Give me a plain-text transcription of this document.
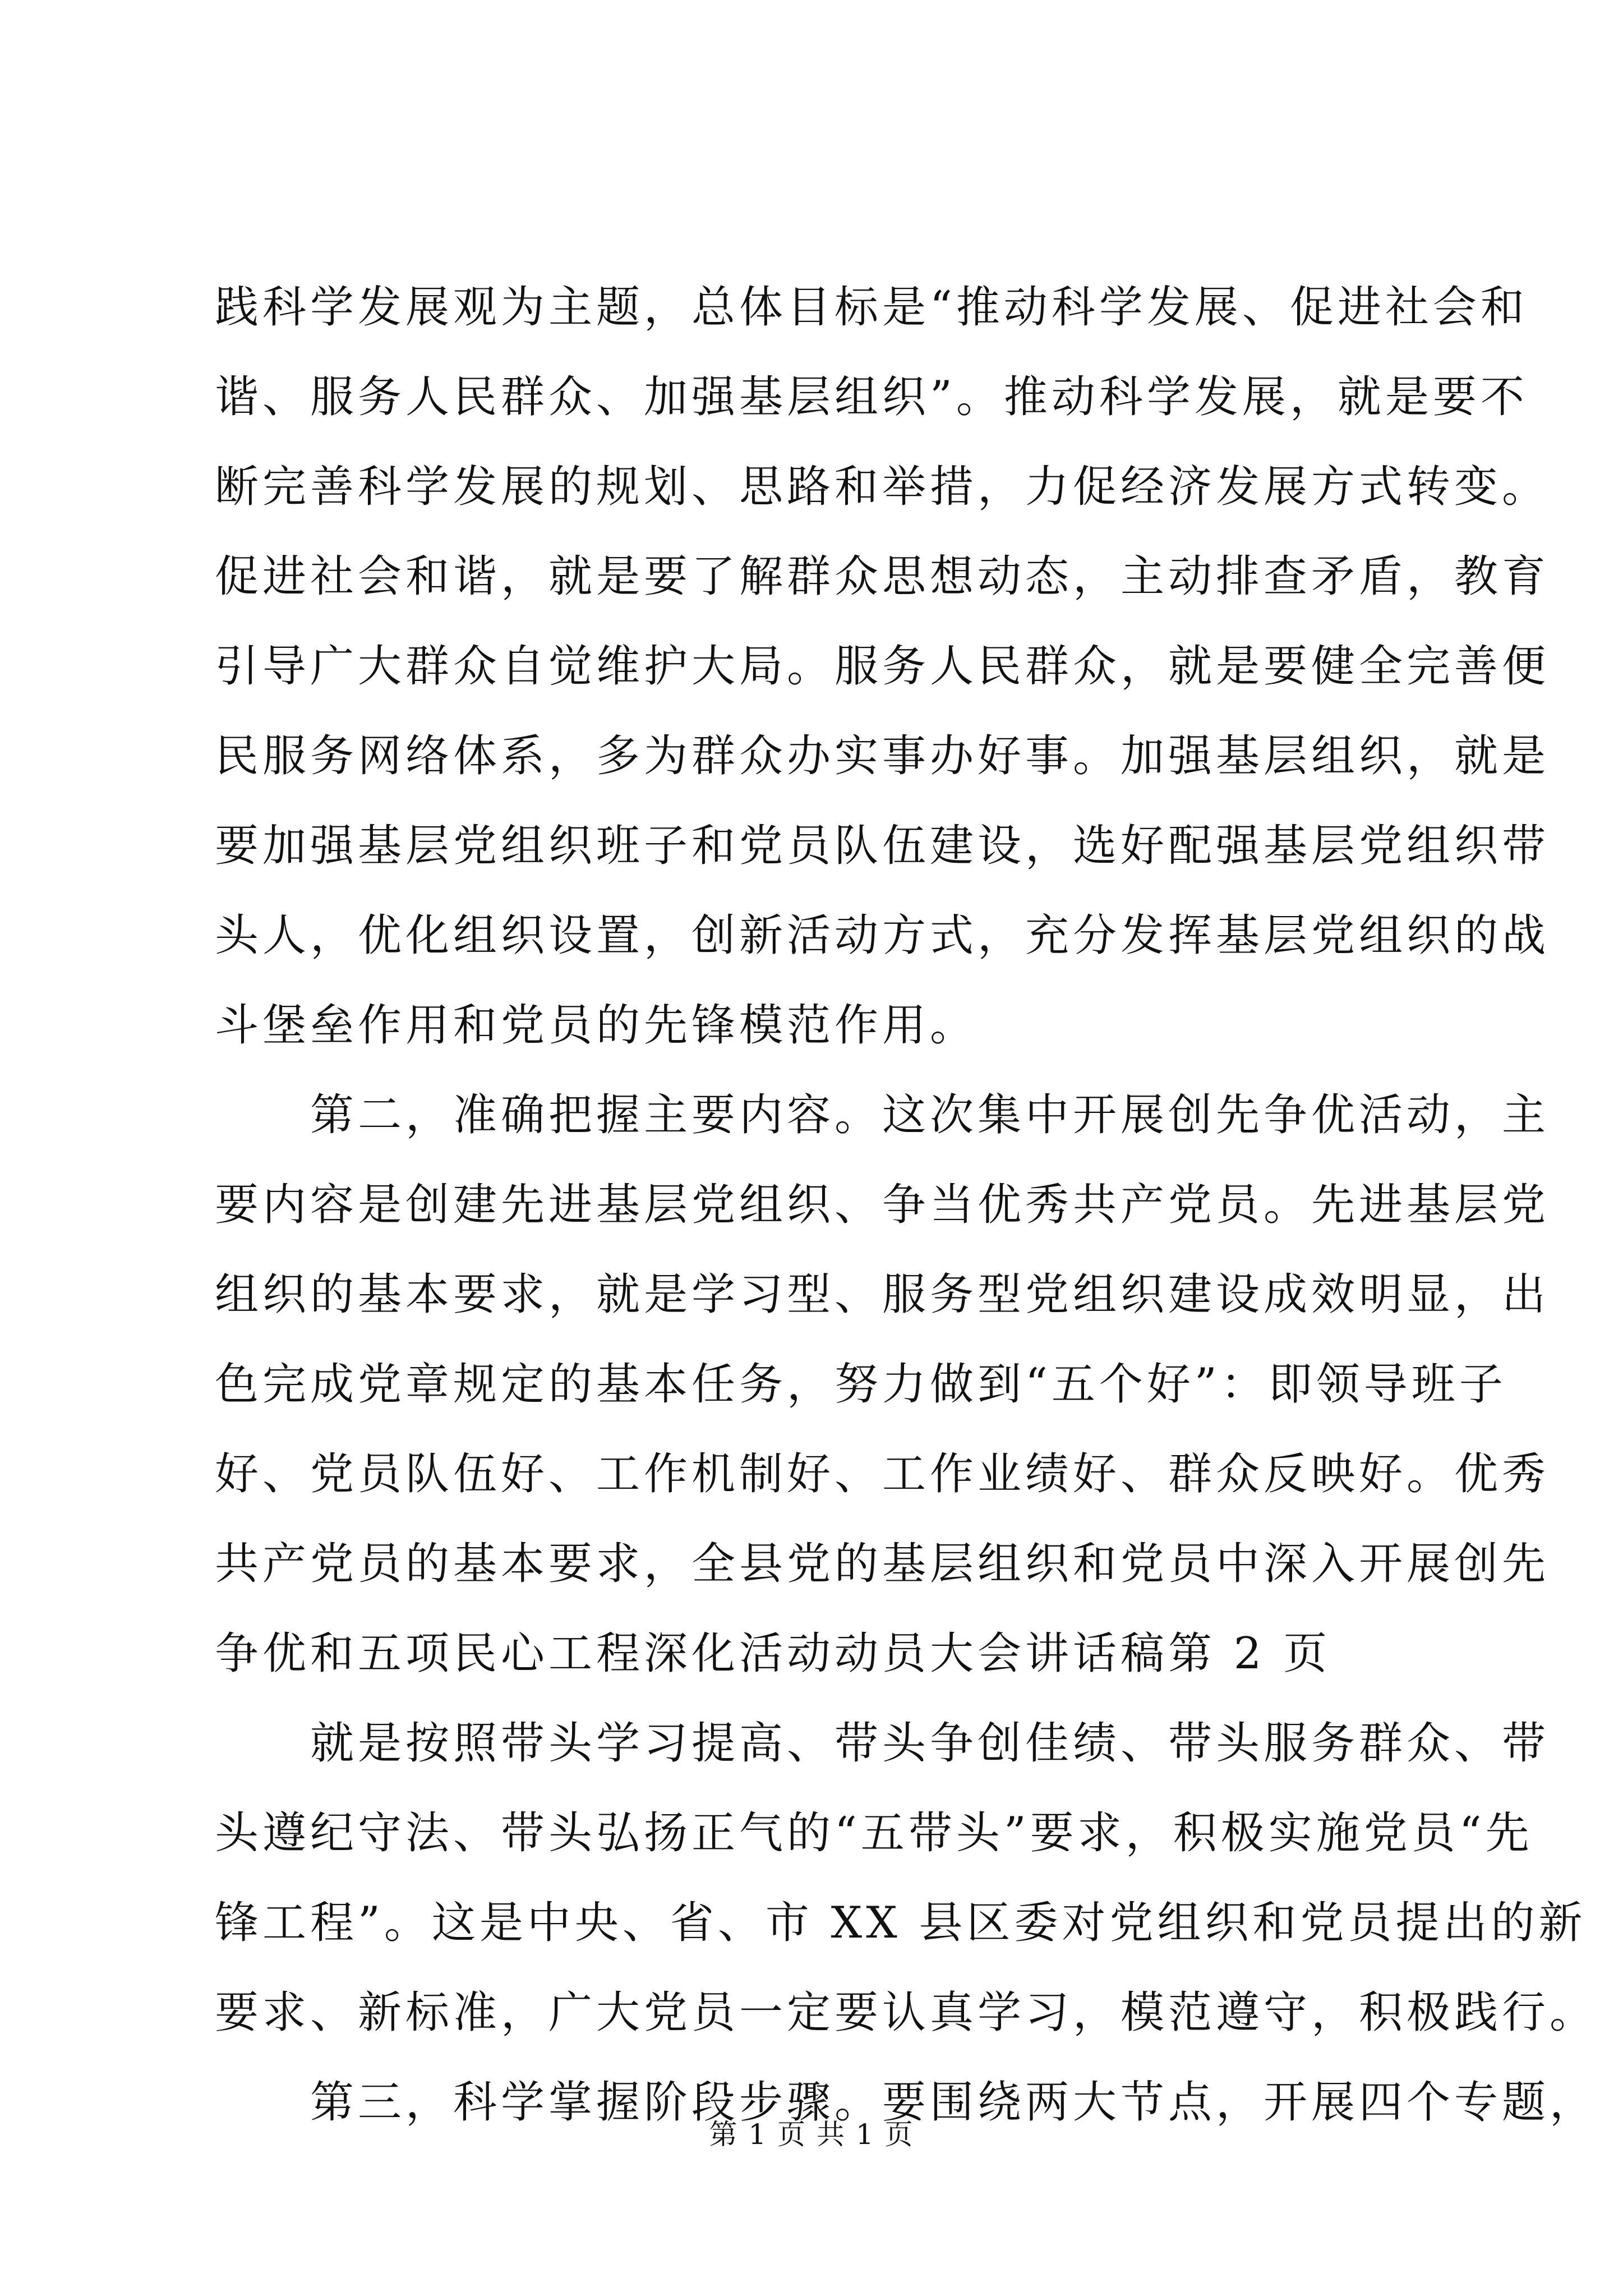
践科学发展观为主题，总体目标是“推动科学发展、促进社会和
谐、服务人民群众、加强基层组织”。推动科学发展，就是要不
断完善科学发展的规划、思路和举措，力促经济发展方式转变。
促进社会和谐，就是要了解群众思想动态，主动排查矛盾，教育
引导广大群众自觉维护大局。服务人民群众，就是要健全完善便
民服务网络体系，多为群众办实事办好事。加强基层组织，就是
要加强基层党组织班子和党员队伍建设，选好配强基层党组织带
头人，优化组织设置，创新活动方式，充分发挥基层党组织的战
斗堡垒作用和党员的先锋模范作用。
　　第二，准确把握主要内容。这次集中开展创先争优活动，主
要内容是创建先进基层党组织、争当优秀共产党员。先进基层党
组织的基本要求，就是学习型、服务型党组织建设成效明显，出
色完成党章规定的基本任务，努力做到“五个好”：即领导班子
好、党员队伍好、工作机制好、工作业绩好、群众反映好。优秀
共产党员的基本要求，全县党的基层组织和党员中深入开展创先
争优和五项民心工程深化活动动员大会讲话稿第 2 页
　　就是按照带头学习提高、带头争创佳绩、带头服务群众、带
头遵纪守法、带头弘扬正气的“五带头”要求，积极实施党员“先
锋工程”。这是中央、省、市 XX 县区委对党组织和党员提出的新
要求、新标准，广大党员一定要认真学习，模范遵守，积极践行。
　　第三，科学掌握阶段步骤。要围绕两大节点，开展四个专题，
第 1 页 共 1 页
